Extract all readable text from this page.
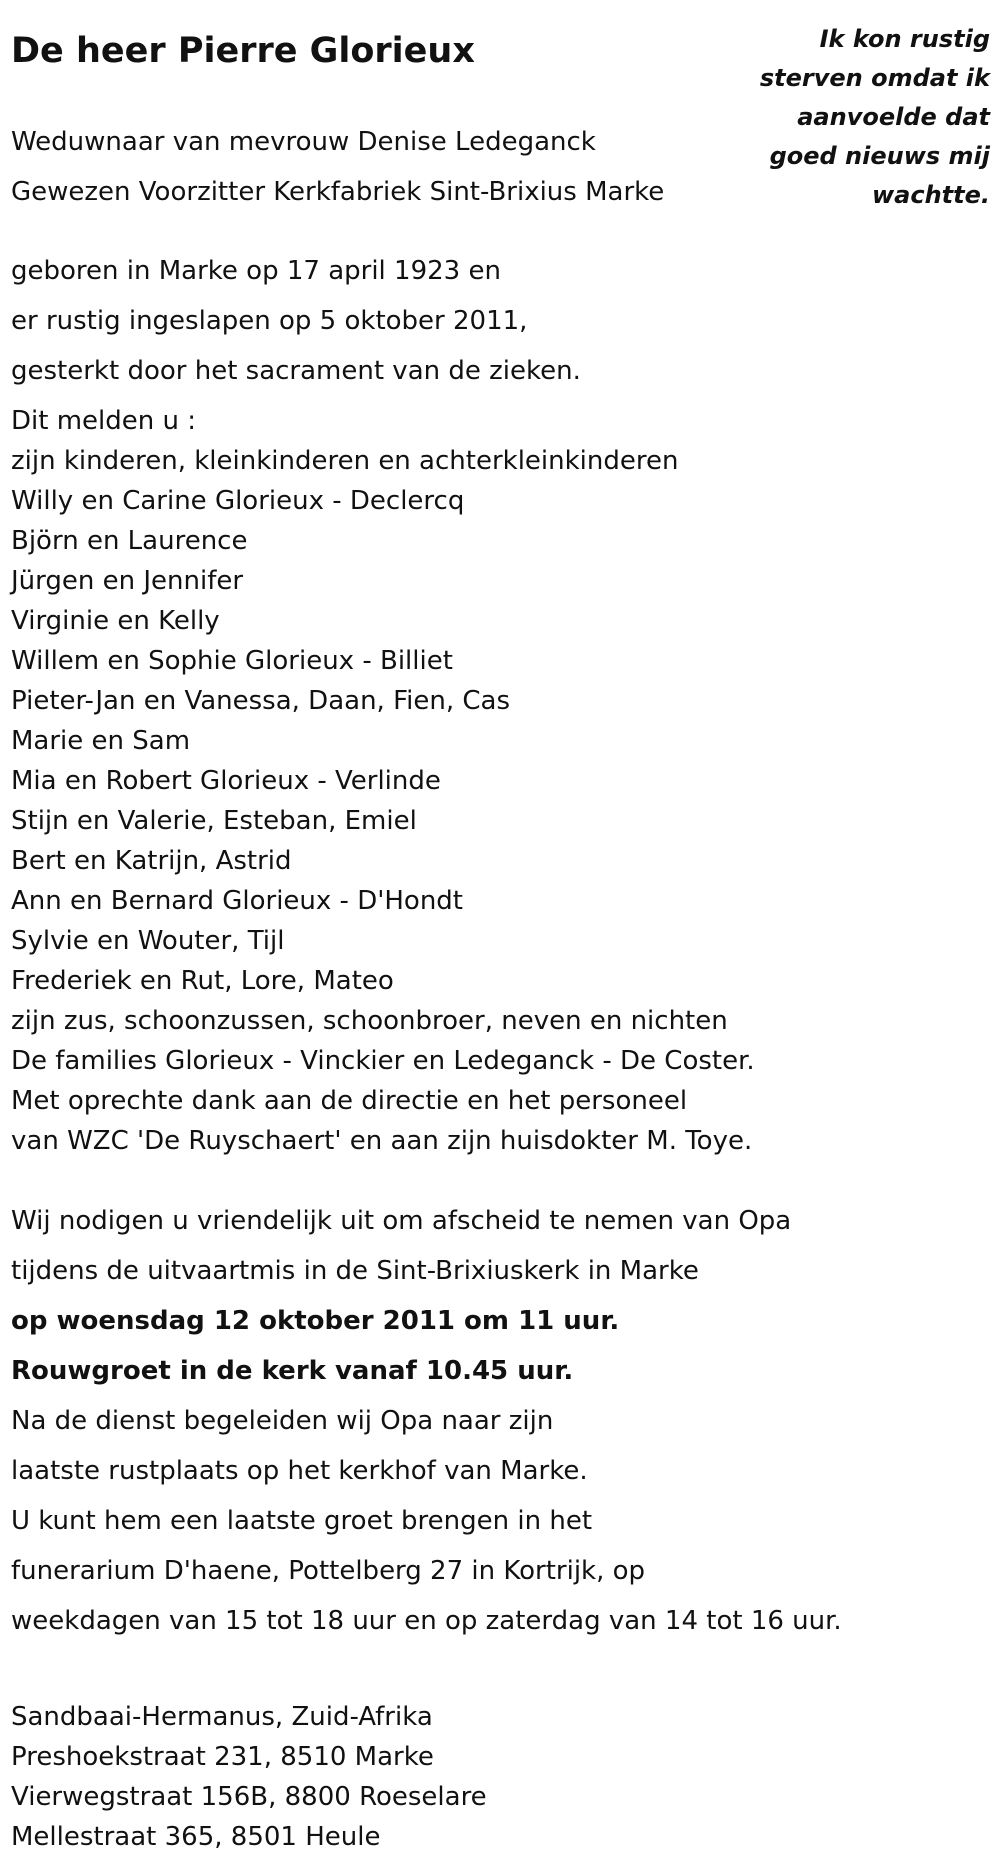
De heer Pierre Glorieux	Ik kon rustig
sterven omdat ik
aanvoelde dat
goed nieuws mij
wachtte.
Weduwnaar van mevrouw Denise Ledeganck
Gewezen Voorzitter Kerkfabriek Sint-Brixius Marke
geboren in Marke op 17 april 1923 en
er rustig ingeslapen op 5 oktober 2011,
gesterkt door het sacrament van de zieken.
Dit melden u :
zijn kinderen, kleinkinderen en achterkleinkinderen
Willy en Carine Glorieux - Declercq
Björn en Laurence
Jürgen en Jennifer
Virginie en Kelly
Willem en Sophie Glorieux - Billiet
Pieter-Jan en Vanessa, Daan, Fien, Cas
Marie en Sam
Mia en Robert Glorieux - Verlinde
Stijn en Valerie, Esteban, Emiel
Bert en Katrijn, Astrid
Ann en Bernard Glorieux - D'Hondt
Sylvie en Wouter, Tijl
Frederiek en Rut, Lore, Mateo
zijn zus, schoonzussen, schoonbroer, neven en nichten
De families Glorieux - Vinckier en Ledeganck - De Coster.
Met oprechte dank aan de directie en het personeel
van WZC 'De Ruyschaert' en aan zijn huisdokter M. Toye.
Wij nodigen u vriendelijk uit om afscheid te nemen van Opa
tijdens de uitvaartmis in de Sint-Brixiuskerk in Marke
op woensdag 12 oktober 2011 om 11 uur.
Rouwgroet in de kerk vanaf 10.45 uur.
Na de dienst begeleiden wij Opa naar zijn
laatste rustplaats op het kerkhof van Marke.
U kunt hem een laatste groet brengen in het
funerarium D'haene, Pottelberg 27 in Kortrijk, op
weekdagen van 15 tot 18 uur en op zaterdag van 14 tot 16 uur.
Sandbaai-Hermanus, Zuid-Afrika
Preshoekstraat 231, 8510 Marke
Vierwegstraat 156B, 8800 Roeselare
Mellestraat 365, 8501 Heule
